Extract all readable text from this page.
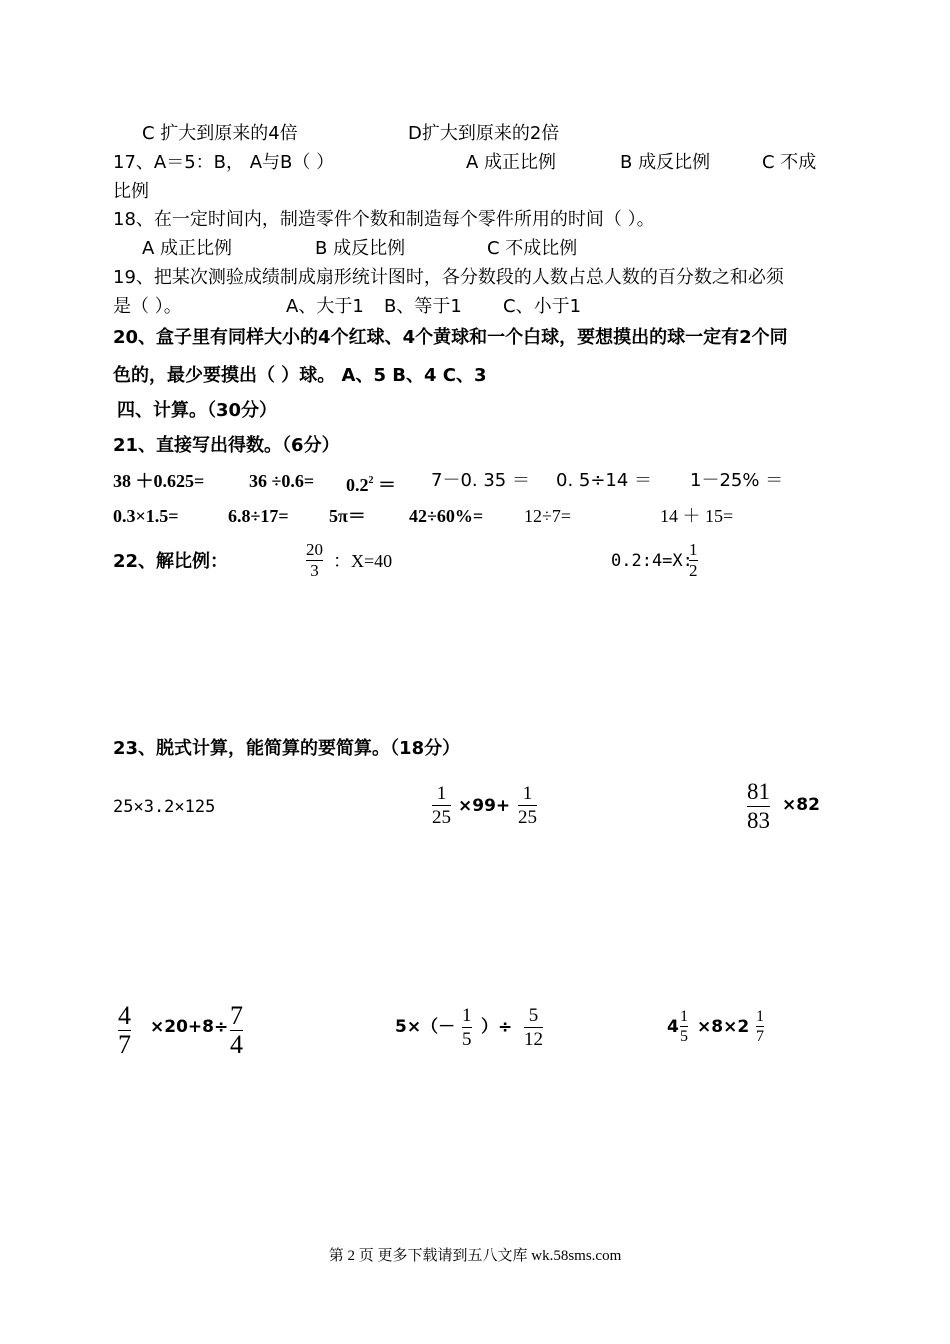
C 扩大到原来的4倍	D扩大到原来的2倍
17、A＝5：B， A与B（ ）	A 成正比例	B 成反比例	C 不成
比例
18、在一定时间内，制造零件个数和制造每个零件所用的时间（ ）。
A 成正比例	B 成反比例	C 不成比例
19、把某次测验成绩制成扇形统计图时，各分数段的人数占总人数的百分数之和必须
是（ ）。	A、大于1 B、等于1 C、小于1
20、盒子里有同样大小的4个红球、4个黄球和一个白球，要想摸出的球一定有2个同
色的，最少要摸出（ ）球。 A、5 B、4 C、3
四、计算。（30分）
21、直接写出得数。（6分）
$38 +0.625= 36 \div 0.6= 0.2^2 = 7-0$. 35 ＝ 0. 5÷14 ＝ 1－25% ＝
0.3×1.5=	6.8÷17= 5π＝ 42÷60%= 12÷7=	14 ＋ 15=
22、解比例：
20
3 ：X=40	0.2:4=X:
1
2
23、脱式计算，能简算的要简算。（18分）
25×3.2×125
1
25
×99+
1
25
81
83
×82
4
7
×20+8÷ 7
4
5×（－
1
5
）÷
5
12
4
1
5 ×8×2
1
7
第 2 页 更多下载请到五八文库 wk.58sms.com
